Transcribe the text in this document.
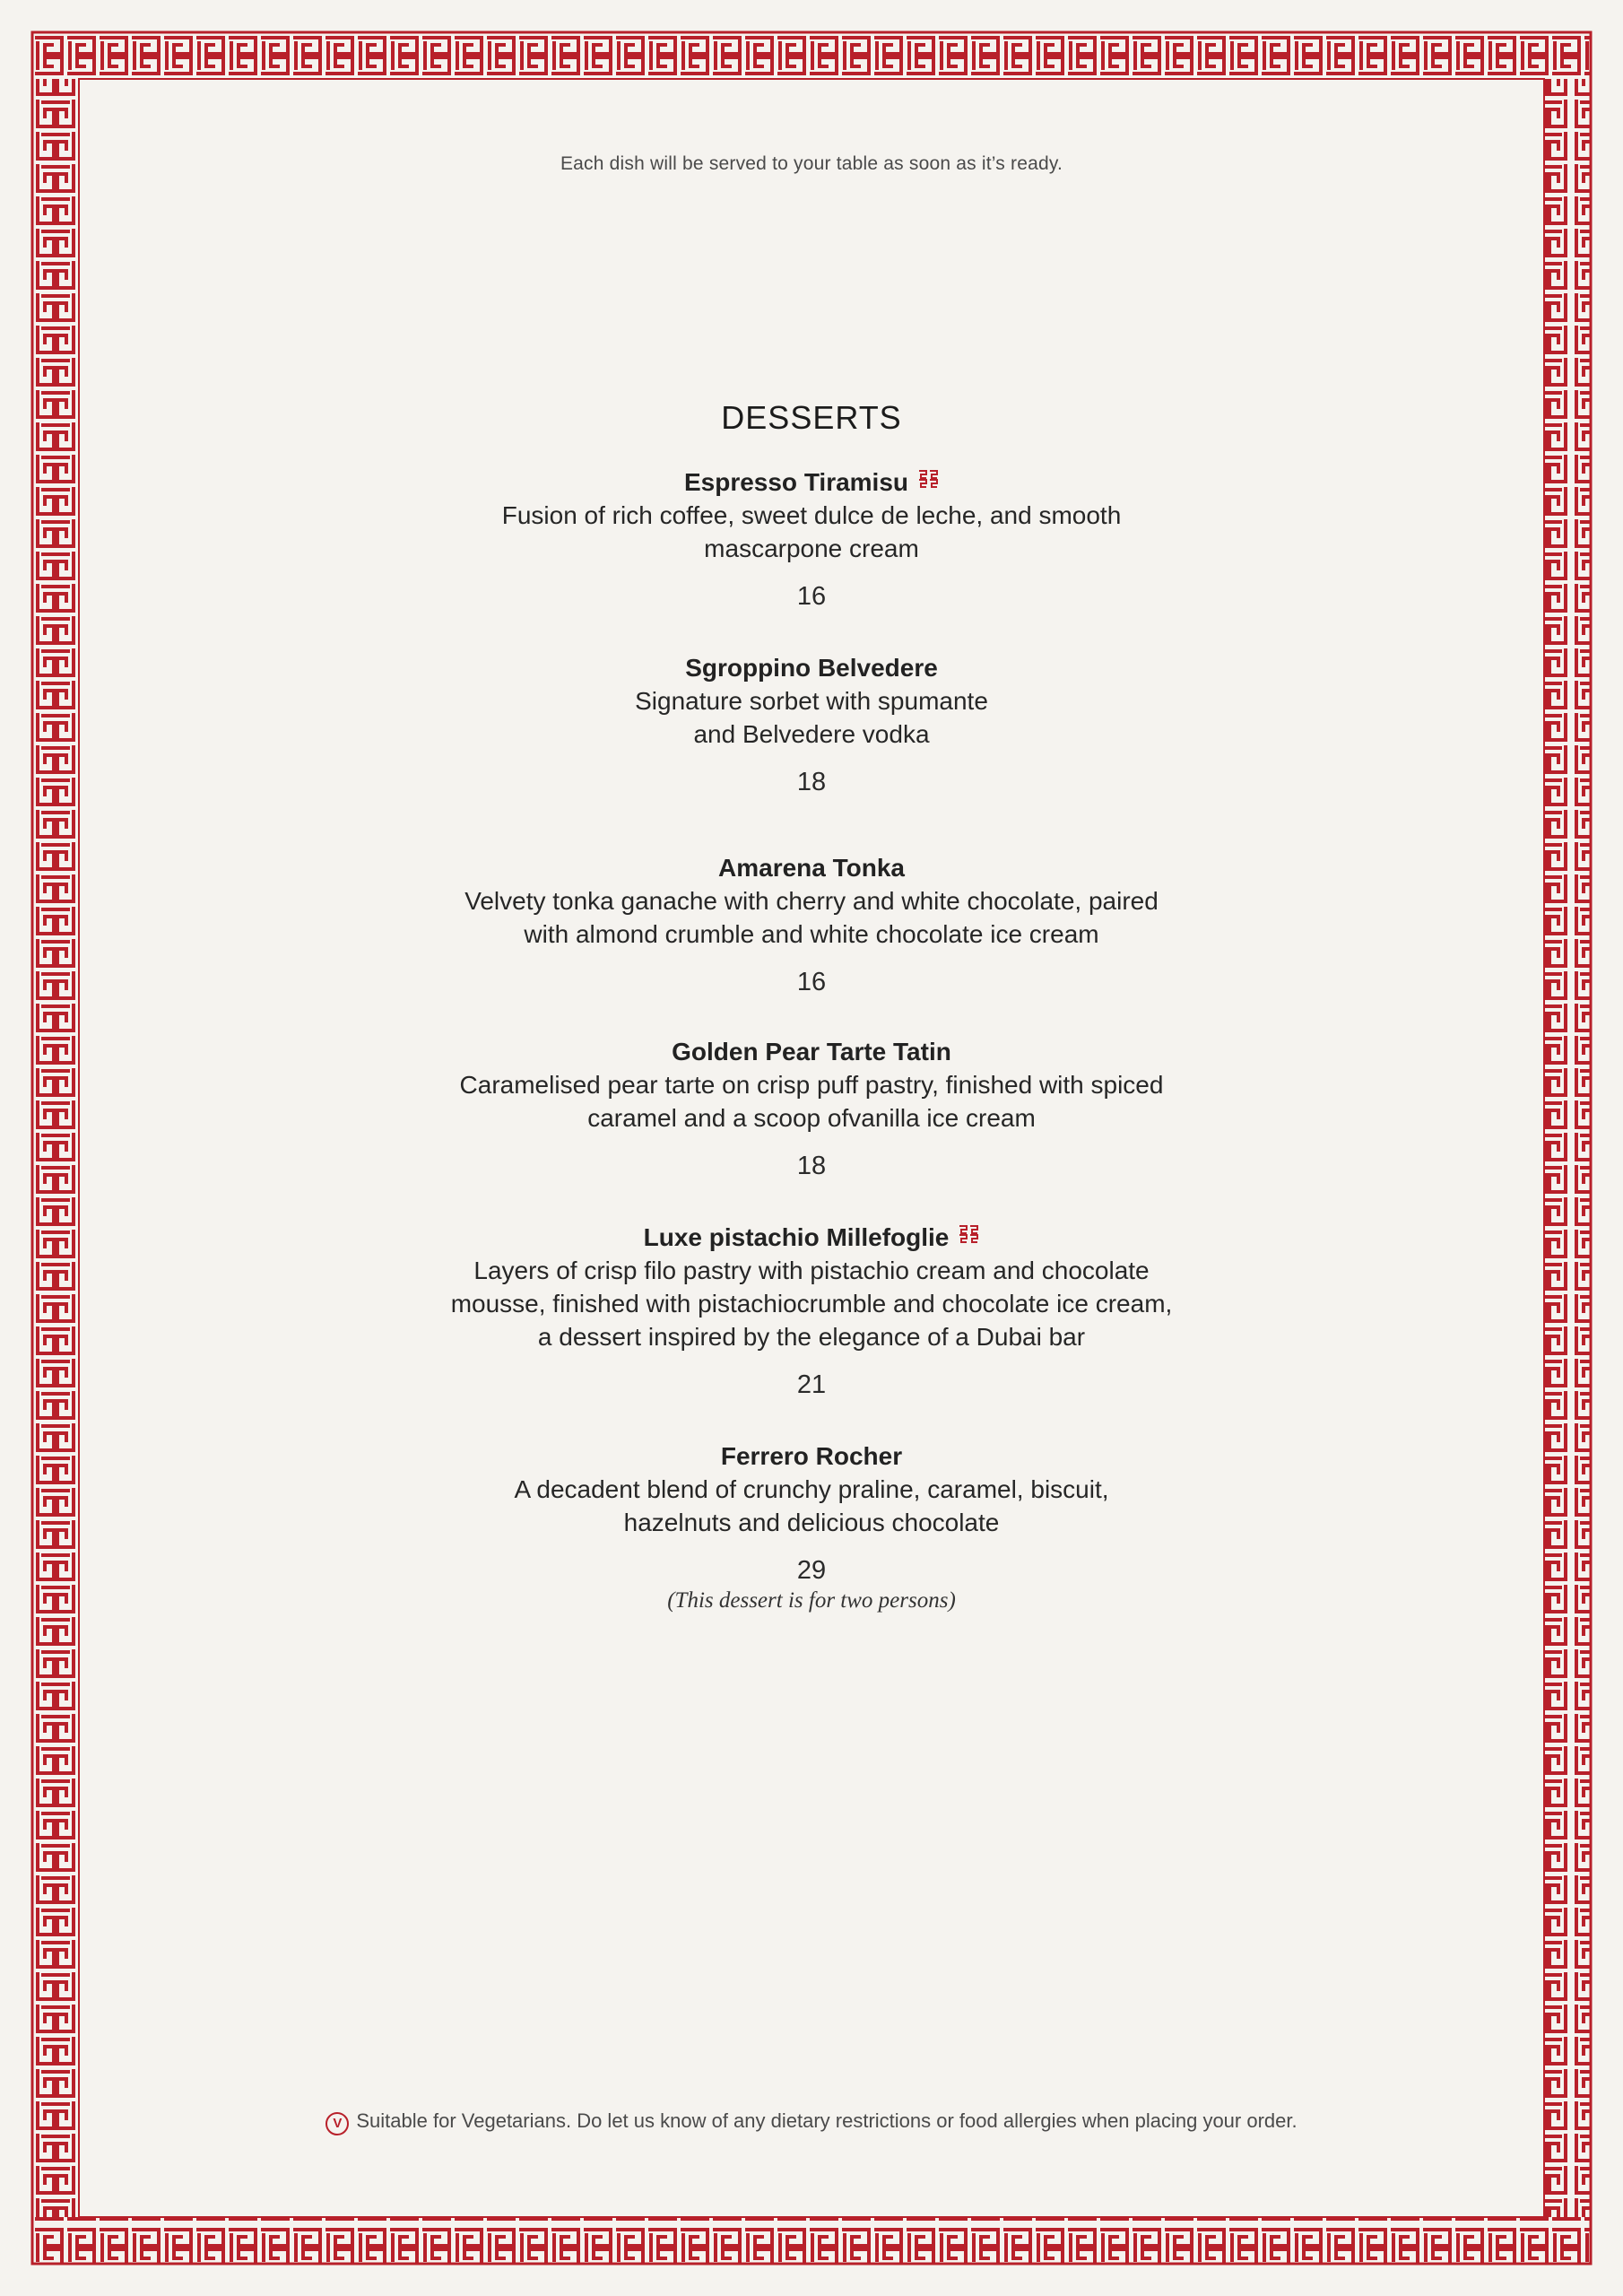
Each dish will be served to your table as soon as it’s ready.
DESSERTS
Espresso Tiramisu
Fusion of rich coffee, sweet dulce de leche, and smooth
mascarpone cream
16
Sgroppino Belvedere
Signature sorbet with spumante
and Belvedere vodka
18
Amarena Tonka
Velvety tonka ganache with cherry and white chocolate, paired
with almond crumble and white chocolate ice cream
16
Golden Pear Tarte Tatin
Caramelised pear tarte on crisp puff pastry, finished with spiced
caramel and a scoop ofvanilla ice cream
18
Luxe pistachio Millefoglie
Layers of crisp filo pastry with pistachio cream and chocolate
mousse, finished with pistachiocrumble and chocolate ice cream,
a dessert inspired by the elegance of a Dubai bar
21
Ferrero Rocher
A decadent blend of crunchy praline, caramel, biscuit,
hazelnuts and delicious chocolate
29
(This dessert is for two persons)
V Suitable for Vegetarians. Do let us know of any dietary restrictions or food allergies when placing your order.
